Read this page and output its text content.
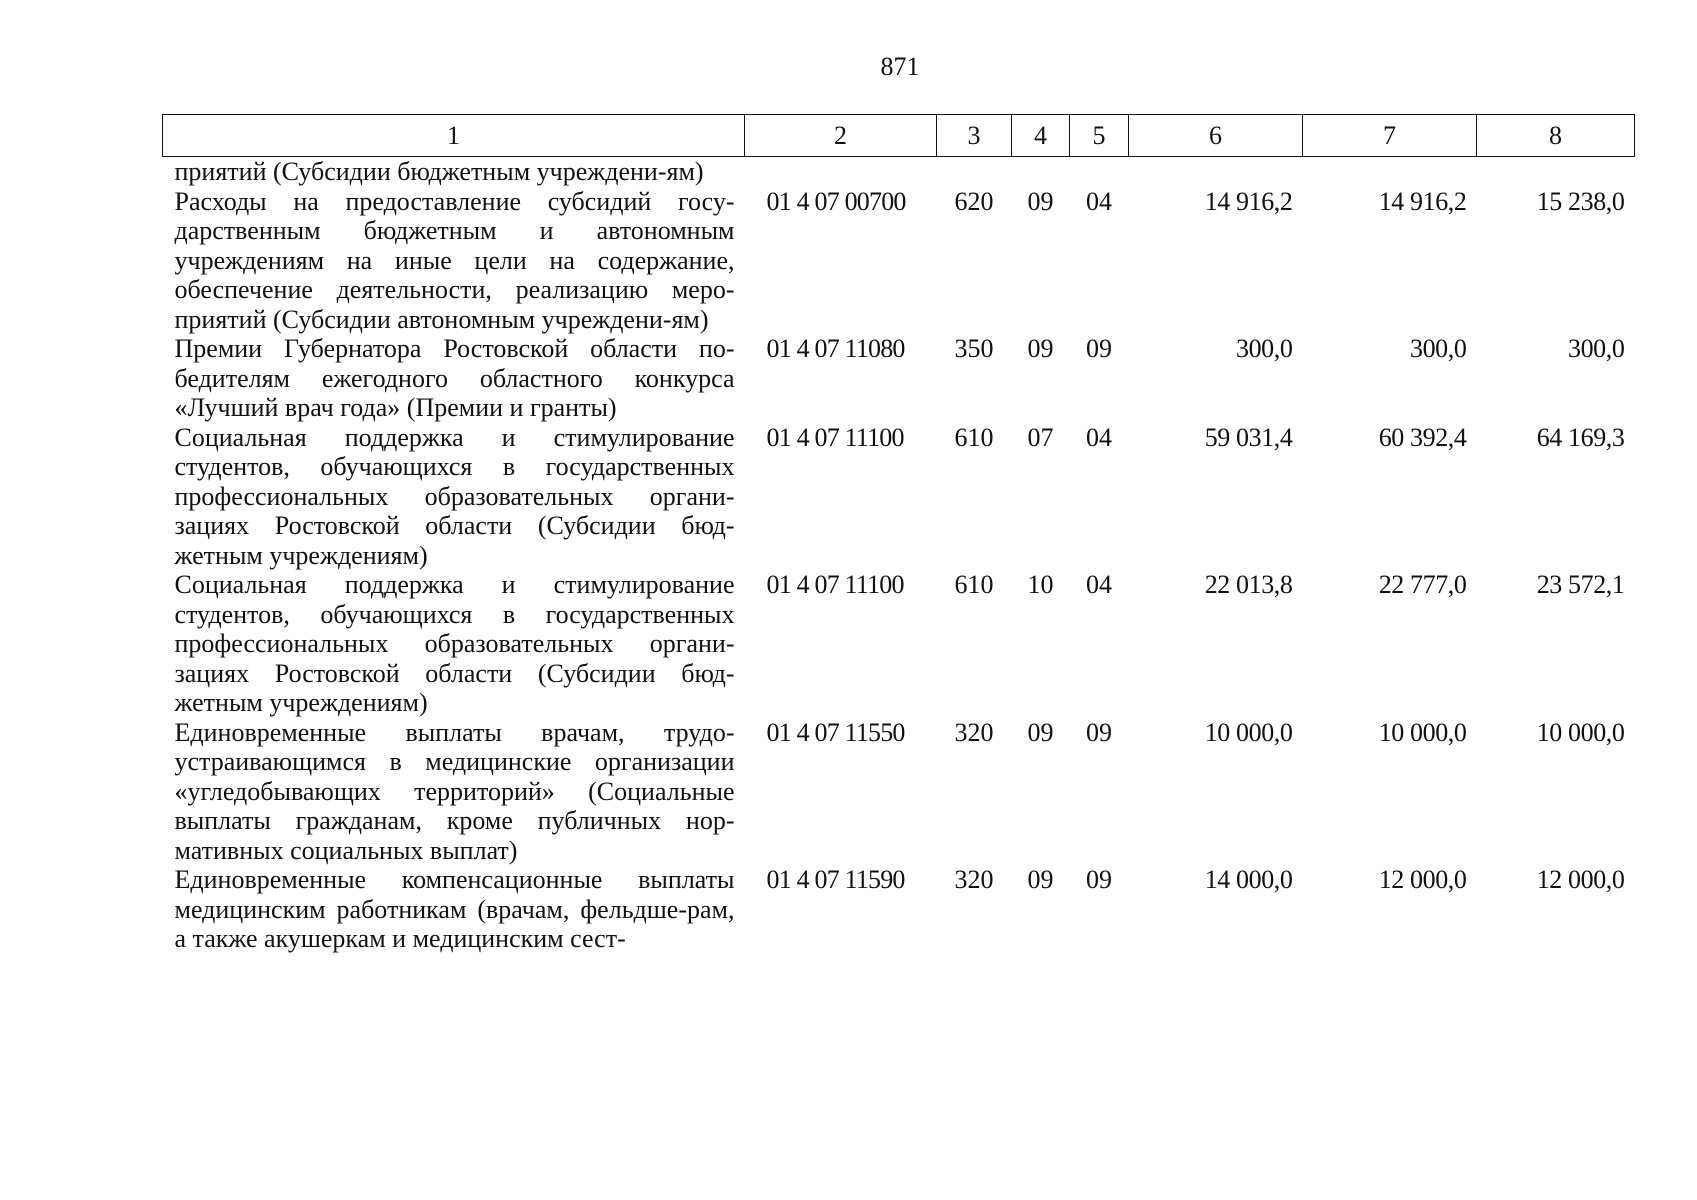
871
1	2	3	4	5	6	7	8
приятий (Субсидии бюджетным учреждени-ям)							
Расходы на предоставление субсидий госу-дарственным бюджетным и автономным учреждениям на иные цели на содержание, обеспечение деятельности, реализацию меро-приятий (Субсидии автономным учреждени-ям)	01 4 07 00700	620	09	04	14 916,2	14 916,2	15 238,0
Премии Губернатора Ростовской области по-бедителям ежегодного областного конкурса «Лучший врач года» (Премии и гранты)	01 4 07 11080	350	09	09	300,0	300,0	300,0
Социальная поддержка и стимулирование студентов, обучающихся в государственных профессиональных образовательных органи-зациях Ростовской области (Субсидии бюд-жетным учреждениям)	01 4 07 11100	610	07	04	59 031,4	60 392,4	64 169,3
Социальная поддержка и стимулирование студентов, обучающихся в государственных профессиональных образовательных органи-зациях Ростовской области (Субсидии бюд-жетным учреждениям)	01 4 07 11100	610	10	04	22 013,8	22 777,0	23 572,1
Единовременные выплаты врачам, трудо-устраивающимся в медицинские организации «угледобывающих территорий» (Социальные выплаты гражданам, кроме публичных нор-мативных социальных выплат)	01 4 07 11550	320	09	09	10 000,0	10 000,0	10 000,0
Единовременные компенсационные выплаты медицинским работникам (врачам, фельдше-рам, а также акушеркам и медицинским сест-	01 4 07 11590	320	09	09	14 000,0	12 000,0	12 000,0
